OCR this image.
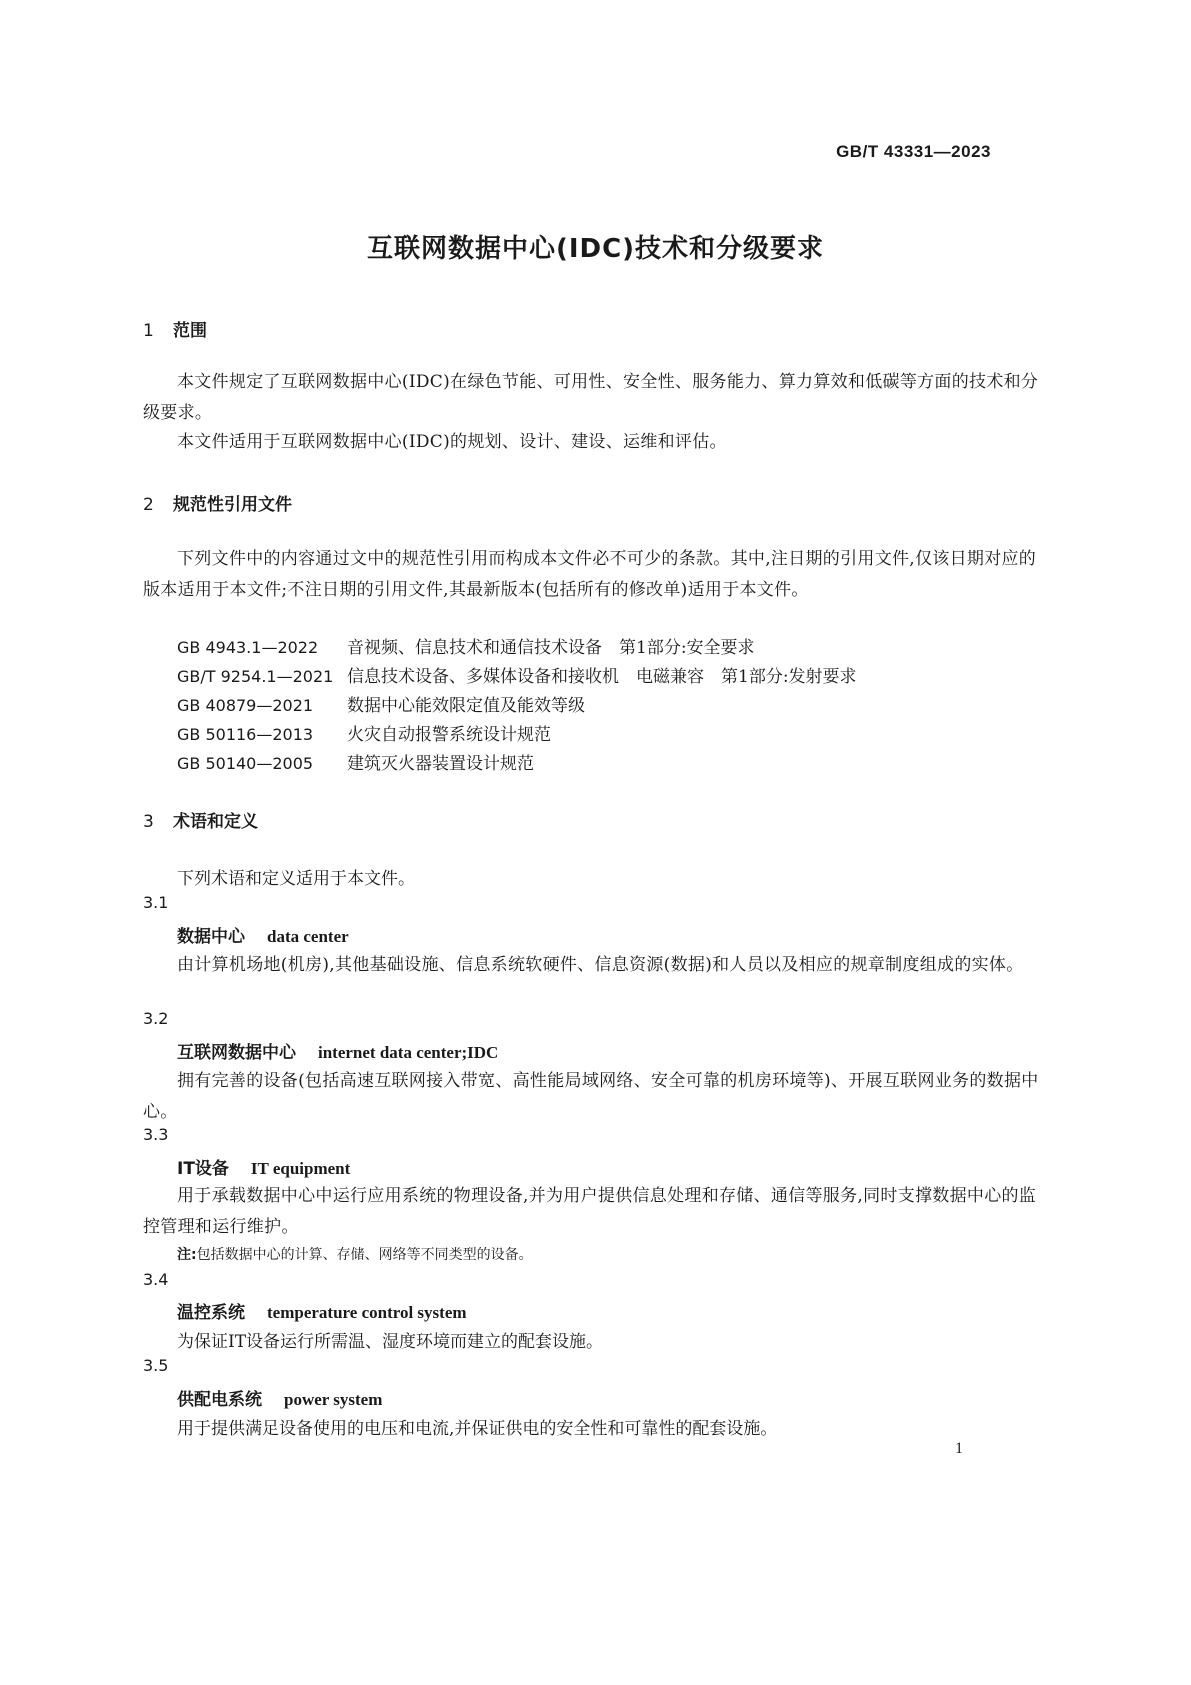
GB/T 43331—2023
互联网数据中心(IDC)技术和分级要求
1 范围
本文件规定了互联网数据中心(IDC)在绿色节能、可用性、安全性、服务能力、算力算效和低碳等方面的技术和分级要求。
本文件适用于互联网数据中心(IDC)的规划、设计、建设、运维和评估。
2 规范性引用文件
下列文件中的内容通过文中的规范性引用而构成本文件必不可少的条款。其中,注日期的引用文件,仅该日期对应的版本适用于本文件;不注日期的引用文件,其最新版本(包括所有的修改单)适用于本文件。
GB 4943.1—2022 音视频、信息技术和通信技术设备　第1部分:安全要求
GB/T 9254.1—2021 信息技术设备、多媒体设备和接收机　电磁兼容　第1部分:发射要求
GB 40879—2021 数据中心能效限定值及能效等级
GB 50116—2013 火灾自动报警系统设计规范
GB 50140—2005 建筑灭火器装置设计规范
3 术语和定义
下列术语和定义适用于本文件。
3.1
数据中心 data center
由计算机场地(机房),其他基础设施、信息系统软硬件、信息资源(数据)和人员以及相应的规章制度组成的实体。
3.2
互联网数据中心 internet data center;IDC
拥有完善的设备(包括高速互联网接入带宽、高性能局域网络、安全可靠的机房环境等)、开展互联网业务的数据中心。
3.3
IT设备 IT equipment
用于承载数据中心中运行应用系统的物理设备,并为用户提供信息处理和存储、通信等服务,同时支撑数据中心的监控管理和运行维护。
注:包括数据中心的计算、存储、网络等不同类型的设备。
3.4
温控系统 temperature control system
为保证IT设备运行所需温、湿度环境而建立的配套设施。
3.5
供配电系统 power system
用于提供满足设备使用的电压和电流,并保证供电的安全性和可靠性的配套设施。
1
